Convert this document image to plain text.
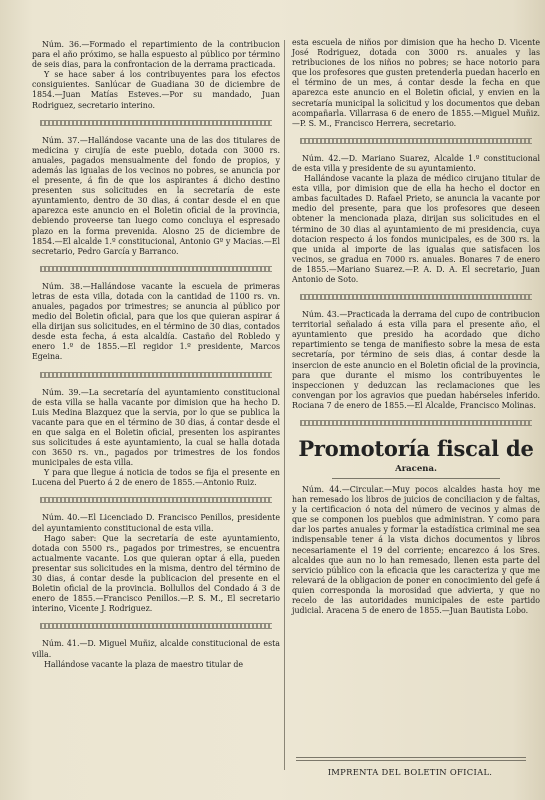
Núm. 36.—Formado el repartimiento de la contribucion para el año próximo, se halla espuesto al público por término de seis dias, para la confrontacion de la derrama practicada.

Y se hace saber á los contribuyentes para los efectos consiguientes. Sanlúcar de Guadiana 30 de diciembre de 1854.—Juan Matías Esteves.—Por su mandado, Juan Rodriguez, secretario interino.

Núm. 37.—Hallándose vacante una de las dos titulares de medicina y cirujía de este pueblo, dotada con 3000 rs. anuales, pagados mensualmente del fondo de propios, y además las igualas de los vecinos no pobres, se anuncia por el presente, á fin de que los aspirantes á dicho destino presenten sus solicitudes en la secretaría de este ayuntamiento, dentro de 30 dias, á contar desde el en que aparezca este anuncio en el Boletin oficial de la provincia, debiendo proveerse tan luego como concluya el espresado plazo en la forma prevenida. Alosno 25 de diciembre de 1854.—El alcalde 1.º constitucional, Antonio Gº y Macias.—El secretario, Pedro García y Barranco.

Núm. 38.—Hallándose vacante la escuela de primeras letras de esta villa, dotada con la cantidad de 1100 rs. vn. anuales, pagados por trimestres; se anuncia al público por medio del Boletin oficial, para que los que quieran aspirar á ella dirijan sus solicitudes, en el término de 30 dias, contados desde esta fecha, á esta alcaldía. Castaño del Robledo y enero 1.º de 1855.—El regidor 1.º presidente, Marcos Egeina.

Núm. 39.—La secretaría del ayuntamiento constitucional de esta villa se halla vacante por dimision que ha hecho D. Luis Medina Blazquez que la servia, por lo que se publica la vacante para que en el término de 30 dias, á contar desde el en que salga en el Boletin oficial, presenten los aspirantes sus solicitudes á este ayuntamiento, la cual se halla dotada con 3650 rs. vn., pagados por trimestres de los fondos municipales de esta villa.

Y para que llegue á noticia de todos se fija el presente en Lucena del Puerto á 2 de enero de 1855.—Antonio Ruiz.

Núm. 40.—El Licenciado D. Francisco Penillos, presidente del ayuntamiento constitucional de esta villa.

Hago saber: Que la secretaría de este ayuntamiento, dotada con 5500 rs., pagados por trimestres, se encuentra actualmente vacante. Los que quieran optar á ella, pueden presentar sus solicitudes en la misma, dentro del término de 30 dias, á contar desde la publicacion del presente en el Boletin oficial de la provincia. Bollullos del Condado á 3 de enero de 1855.—Francisco Penillos.—P. S. M., El secretario interino, Vicente J. Rodriguez.

Núm. 41.—D. Miguel Muñiz, alcalde constitucional de esta villa.

Hallándose vacante la plaza de maestro titular de

esta escuela de niños por dimision que ha hecho D. Vicente José Rodriguez, dotada con 3000 rs. anuales y las retribuciones de los niños no pobres; se hace notorio para que los profesores que gusten pretenderla puedan hacerlo en el término de un mes, á contar desde la fecha en que aparezca este anuncio en el Boletin oficial, y envien en la secretaría municipal la solicitud y los documentos que deban acompañarla. Villarrasa 6 de enero de 1855.—Miguel Muñiz.—P. S. M., Francisco Herrera, secretario.

Núm. 42.—D. Mariano Suarez, Alcalde 1.º constitucional de esta villa y presidente de su ayuntamiento.

Hallándose vacante la plaza de médico cirujano titular de esta villa, por dimision que de ella ha hecho el doctor en ambas facultades D. Rafael Prieto, se anuncia la vacante por medio del presente, para que los profesores que deseen obtener la mencionada plaza, dirijan sus solicitudes en el término de 30 dias al ayuntamiento de mi presidencia, cuya dotacion respecto á los fondos municipales, es de 300 rs. la que unida al importe de las igualas que satisfacen los vecinos, se gradua en 7000 rs. anuales. Bonares 7 de enero de 1855.—Mariano Suarez.—P. A. D. A. El secretario, Juan Antonio de Soto.

Núm. 43.—Practicada la derrama del cupo de contribucion territorial señalado á esta villa para el presente año, el ayuntamiento que presido ha acordado que dicho repartimiento se tenga de manifiesto sobre la mesa de esta secretaría, por término de seis dias, á contar desde la insercion de este anuncio en el Boletin oficial de la provincia, para que durante el mismo los contribuyentes le inspeccionen y deduzcan las reclamaciones que les convengan por los agravios que puedan habérseles inferido. Rociana 7 de enero de 1855.—El Alcalde, Francisco Molinas.

Promotoría fiscal de
Aracena.

Núm. 44.—Circular.—Muy pocos alcaldes hasta hoy me han remesado los libros de juicios de conciliacion y de faltas, y la certificacion ó nota del número de vecinos y almas de que se componen los pueblos que administran. Y como para dar los partes anuales y formar la estadística criminal me sea indispensable tener á la vista dichos documentos y libros necesariamente el 19 del corriente; encarezco á los Sres. alcaldes que aun no lo han remesado, llenen esta parte del servicio público con la eficacia que les caracteriza y que me relevará de la obligacion de poner en conocimiento del gefe á quien corresponda la morosidad que advierta, y que no recelo de las autoridades municipales de este partido judicial. Aracena 5 de enero de 1855.—Juan Bautista Lobo.

IMPRENTA DEL BOLETIN OFICIAL.
